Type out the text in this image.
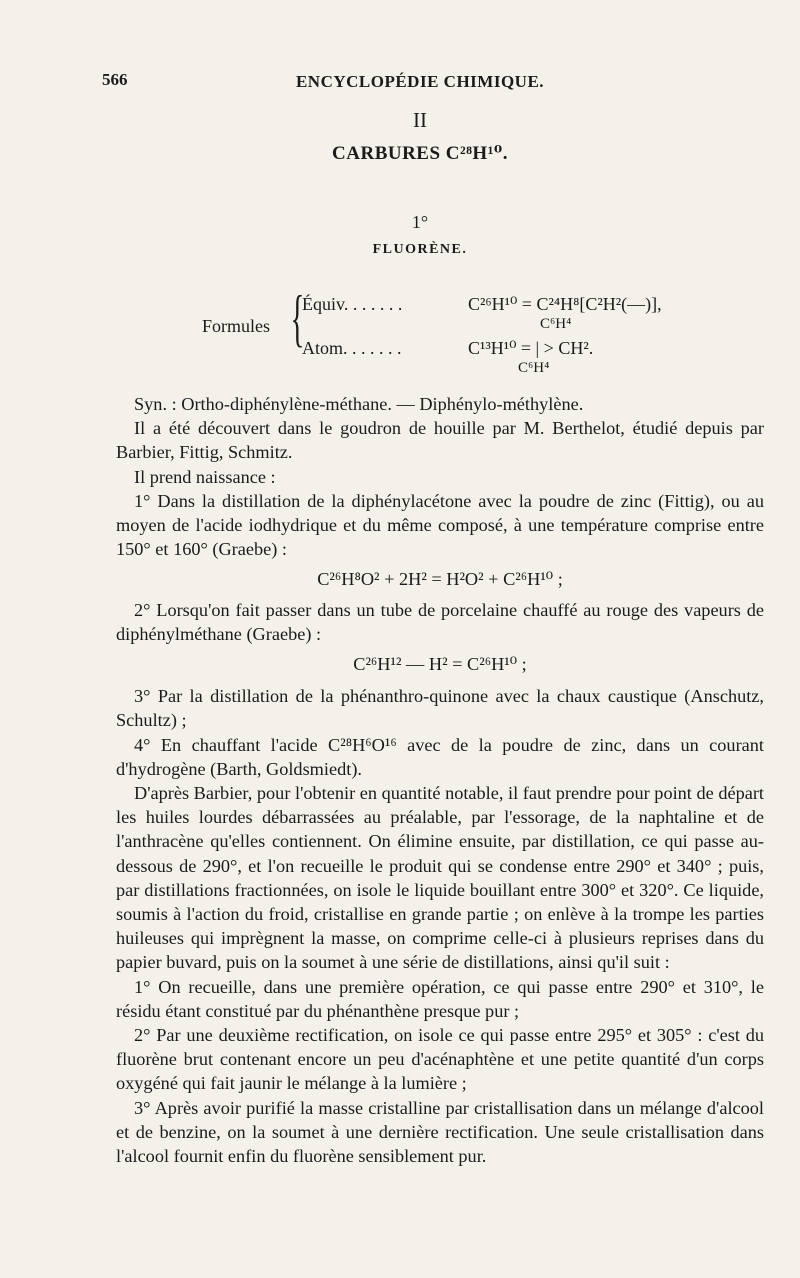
566	ENCYCLOPÉDIE CHIMIQUE.
II
CARBURES C²⁸H¹⁰.
1°
FLUORÈNE.
Formules {
Équiv. . . . . . .	C²⁶H¹⁰ = C²⁴H⁸[C²H²(—)],
C⁶H⁴
Atom. . . . . . .	C¹³H¹⁰ = | > CH².
C⁶H⁴

Syn. : Ortho-diphénylène-méthane. — Diphénylo-méthylène.

Il a été découvert dans le goudron de houille par M. Berthelot, étudié depuis par Barbier, Fittig, Schmitz.

Il prend naissance :

1° Dans la distillation de la diphénylacétone avec la poudre de zinc (Fittig), ou au moyen de l'acide iodhydrique et du même composé, à une température comprise entre 150° et 160° (Graebe) :

C²⁶H⁸O² + 2H² = H²O² + C²⁶H¹⁰ ;

2° Lorsqu'on fait passer dans un tube de porcelaine chauffé au rouge des vapeurs de diphénylméthane (Graebe) :

C²⁶H¹² — H² = C²⁶H¹⁰ ;

3° Par la distillation de la phénanthro-quinone avec la chaux caustique (Anschutz, Schultz) ;

4° En chauffant l'acide C²⁸H⁶O¹⁶ avec de la poudre de zinc, dans un courant d'hydrogène (Barth, Goldsmiedt).

D'après Barbier, pour l'obtenir en quantité notable, il faut prendre pour point de départ les huiles lourdes débarrassées au préalable, par l'essorage, de la naphtaline et de l'anthracène qu'elles contiennent. On élimine ensuite, par distillation, ce qui passe au-dessous de 290°, et l'on recueille le produit qui se condense entre 290° et 340° ; puis, par distillations fractionnées, on isole le liquide bouillant entre 300° et 320°. Ce liquide, soumis à l'action du froid, cristallise en grande partie ; on enlève à la trompe les parties huileuses qui imprègnent la masse, on comprime celle-ci à plusieurs reprises dans du papier buvard, puis on la soumet à une série de distillations, ainsi qu'il suit :

1° On recueille, dans une première opération, ce qui passe entre 290° et 310°, le résidu étant constitué par du phénanthène presque pur ;

2° Par une deuxième rectification, on isole ce qui passe entre 295° et 305° : c'est du fluorène brut contenant encore un peu d'acénaphtène et une petite quantité d'un corps oxygéné qui fait jaunir le mélange à la lumière ;

3° Après avoir purifié la masse cristalline par cristallisation dans un mélange d'alcool et de benzine, on la soumet à une dernière rectification. Une seule cristallisation dans l'alcool fournit enfin du fluorène sensiblement pur.
